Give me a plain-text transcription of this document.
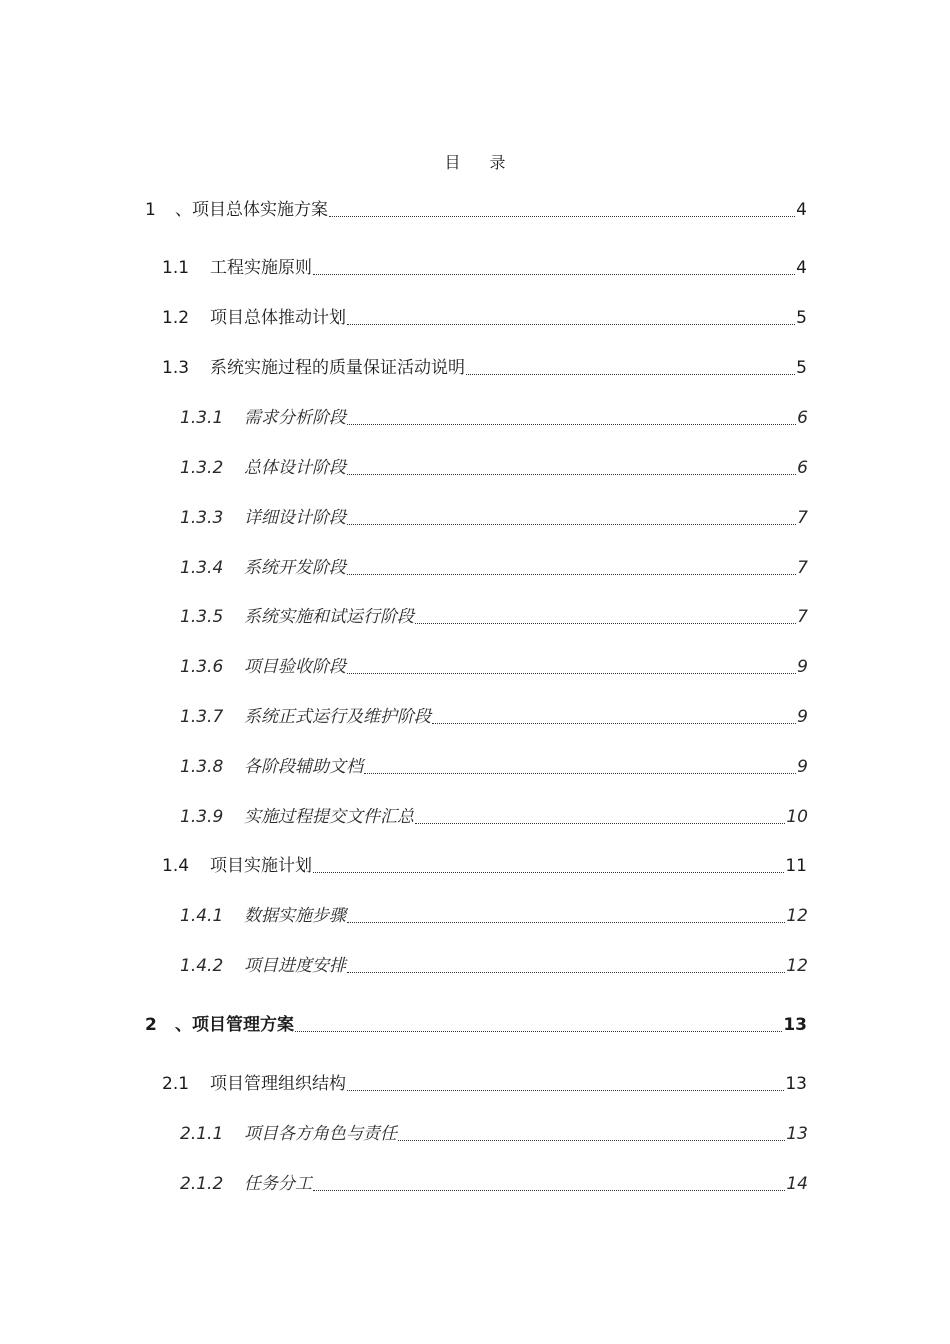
目 录
1	、项目总体实施方案	4
1.1	工程实施原则	4
1.2	项目总体推动计划	5
1.3	系统实施过程的质量保证活动说明	5
1.3.1	需求分析阶段	6
1.3.2	总体设计阶段	6
1.3.3	详细设计阶段	7
1.3.4	系统开发阶段	7
1.3.5	系统实施和试运行阶段	7
1.3.6	项目验收阶段	9
1.3.7	系统正式运行及维护阶段	9
1.3.8	各阶段辅助文档	9
1.3.9	实施过程提交文件汇总	10
1.4	项目实施计划	11
1.4.1	数据实施步骤	12
1.4.2	项目进度安排	12
2	、项目管理方案	13
2.1	项目管理组织结构	13
2.1.1	项目各方角色与责任	13
2.1.2	任务分工	14
